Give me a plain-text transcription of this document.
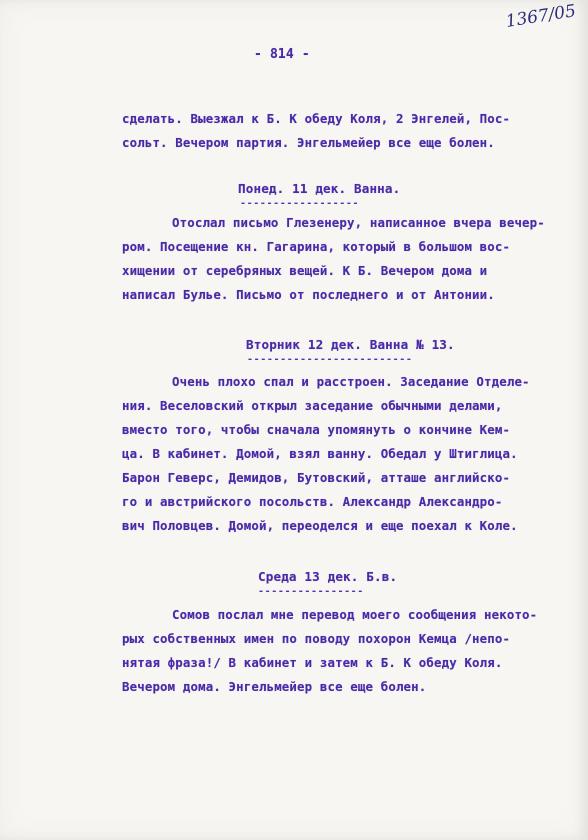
1367/05

- 814 -

сделать. Выезжал к Б. К обеду Коля, 2 Энгелей, Пос-

сольт. Вечером партия. Энгельмейер все еще болен.

Понед. 11 дек. Ванна.

------------------

Отослал письмо Глезенеру, написанное вчера вечер-

ром. Посещение кн. Гагарина, который в большом вос-

хищении от серебряных вещей. К Б. Вечером дома и

написал Булье. Письмо от последнего и от Антонии.

Вторник 12 дек. Ванна № 13.

-------------------------

Очень плохо спал и расстроен. Заседание Отделе-

ния. Веселовский открыл заседание обычными делами,

вместо того, чтобы сначала упомянуть о кончине Кем-

ца. В кабинет. Домой, взял ванну. Обедал у Штиглица.

Барон Геверс, Демидов, Бутовский, атташе английско-

го и австрийского посольств. Александр Александро-

вич Половцев. Домой, переоделся и еще поехал к Коле.

Среда 13 дек. Б.в.

----------------

Сомов послал мне перевод моего сообщения некото-

рых собственных имен по поводу похорон Кемца /непо-

нятая фраза!/ В кабинет и затем к Б. К обеду Коля.

Вечером дома. Энгельмейер все еще болен.
